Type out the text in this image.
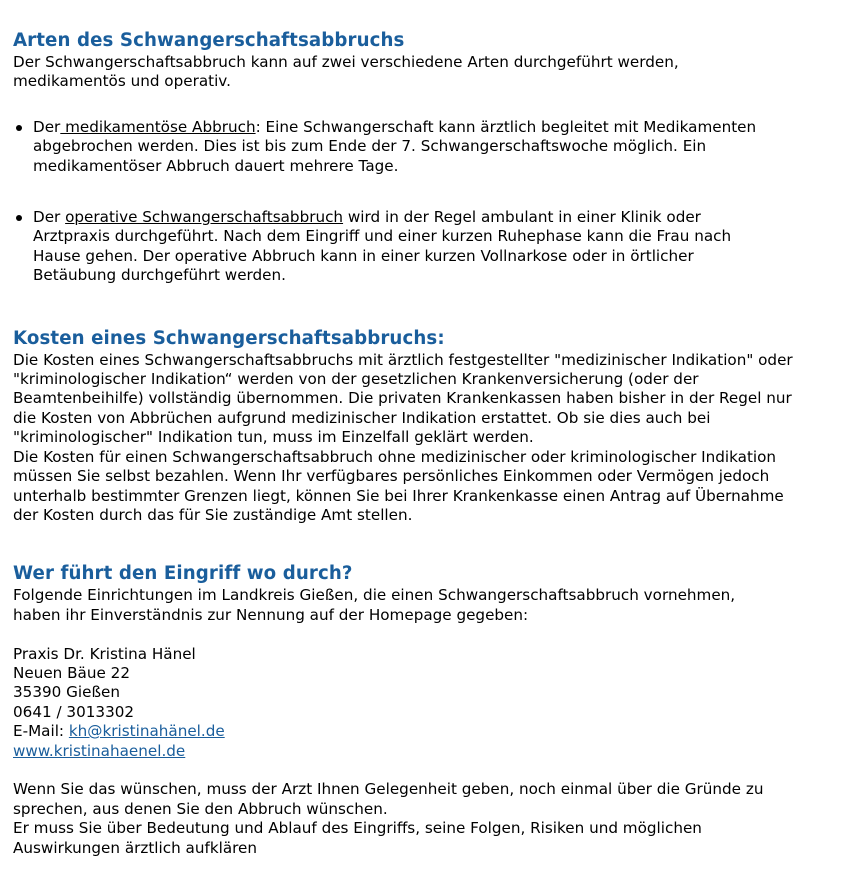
Arten des Schwangerschaftsabbruchs

Der Schwangerschaftsabbruch kann auf zwei verschiedene Arten durchgeführt werden, medikamentös und operativ.

Der medikamentöse Abbruch: Eine Schwangerschaft kann ärztlich begleitet mit Medikamenten abgebrochen werden. Dies ist bis zum Ende der 7. Schwangerschaftswoche möglich. Ein medikamentöser Abbruch dauert mehrere Tage.
Der operative Schwangerschaftsabbruch wird in der Regel ambulant in einer Klinik oder Arztpraxis durchgeführt. Nach dem Eingriff und einer kurzen Ruhephase kann die Frau nach Hause gehen. Der operative Abbruch kann in einer kurzen Vollnarkose oder in örtlicher Betäubung durchgeführt werden.
Kosten eines Schwangerschaftsabbruchs:

Die Kosten eines Schwangerschaftsabbruchs mit ärztlich festgestellter "medizinischer Indikation" oder "kriminologischer Indikation“ werden von der gesetzlichen Krankenversicherung (oder der Beamtenbeihilfe) vollständig übernommen. Die privaten Krankenkassen haben bisher in der Regel nur die Kosten von Abbrüchen aufgrund medizinischer Indikation erstattet. Ob sie dies auch bei "kriminologischer" Indikation tun, muss im Einzelfall geklärt werden.

Die Kosten für einen Schwangerschaftsabbruch ohne medizinischer oder kriminologischer Indikation müssen Sie selbst bezahlen. Wenn Ihr verfügbares persönliches Einkommen oder Vermögen jedoch unterhalb bestimmter Grenzen liegt, können Sie bei Ihrer Krankenkasse einen Antrag auf Übernahme der Kosten durch das für Sie zuständige Amt stellen.

Wer führt den Eingriff wo durch?

Folgende Einrichtungen im Landkreis Gießen, die einen Schwangerschaftsabbruch vornehmen, haben ihr Einverständnis zur Nennung auf der Homepage gegeben:

Praxis Dr. Kristina Hänel
Neuen Bäue 22
35390 Gießen
0641 / 3013302
E-Mail: kh@kristinahänel.de
www.kristinahaenel.de

Wenn Sie das wünschen, muss der Arzt Ihnen Gelegenheit geben, noch einmal über die Gründe zu sprechen, aus denen Sie den Abbruch wünschen.

Er muss Sie über Bedeutung und Ablauf des Eingriffs, seine Folgen, Risiken und möglichen Auswirkungen ärztlich aufklären
